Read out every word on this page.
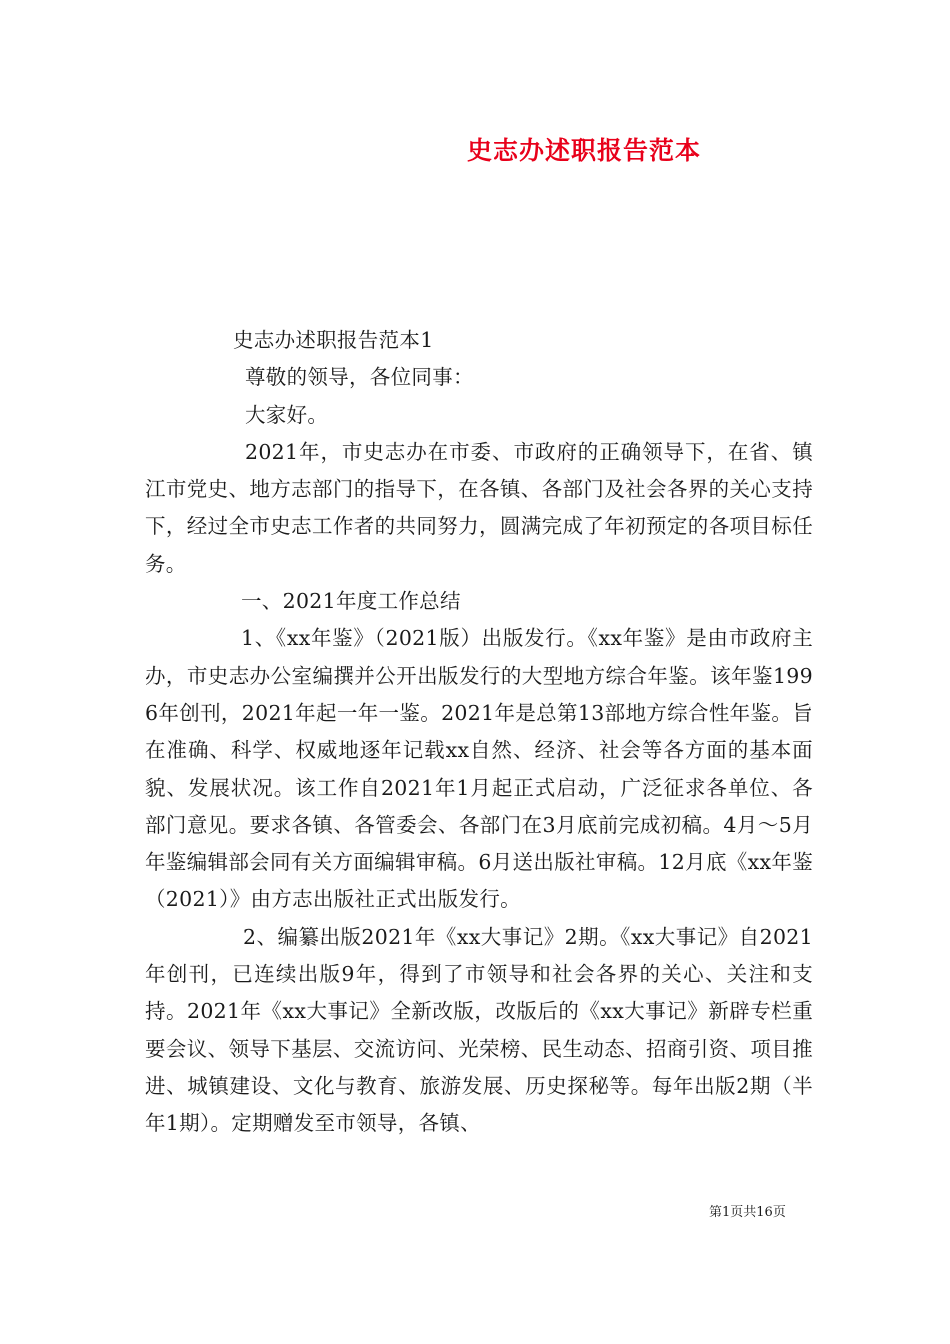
史志办述职报告范本

史志办述职报告范本1

尊敬的领导，各位同事：

大家好。

2021年，市史志办在市委、市政府的正确领导下，在省、镇江市党史、地方志部门的指导下，在各镇、各部门及社会各界的关心支持下，经过全市史志工作者的共同努力，圆满完成了年初预定的各项目标任务。

一、2021年度工作总结

1、《xx年鉴》（2021版）出版发行。《xx年鉴》是由市政府主办，市史志办公室编撰并公开出版发行的大型地方综合年鉴。该年鉴1996年创刊，2021年起一年一鉴。2021年是总第13部地方综合性年鉴。旨在准确、科学、权威地逐年记载xx自然、经济、社会等各方面的基本面貌、发展状况。该工作自2021年1月起正式启动，广泛征求各单位、各部门意见。要求各镇、各管委会、各部门在3月底前完成初稿。4月～5月年鉴编辑部会同有关方面编辑审稿。6月送出版社审稿。12月底《xx年鉴（2021）》由方志出版社正式出版发行。

2、编纂出版2021年《xx大事记》2期。《xx大事记》自2021年创刊，已连续出版9年，得到了市领导和社会各界的关心、关注和支持。2021年《xx大事记》全新改版，改版后的《xx大事记》新辟专栏重要会议、领导下基层、交流访问、光荣榜、民生动态、招商引资、项目推进、城镇建设、文化与教育、旅游发展、历史探秘等。每年出版2期（半年1期）。定期赠发至市领导，各镇、

第1页共16页
